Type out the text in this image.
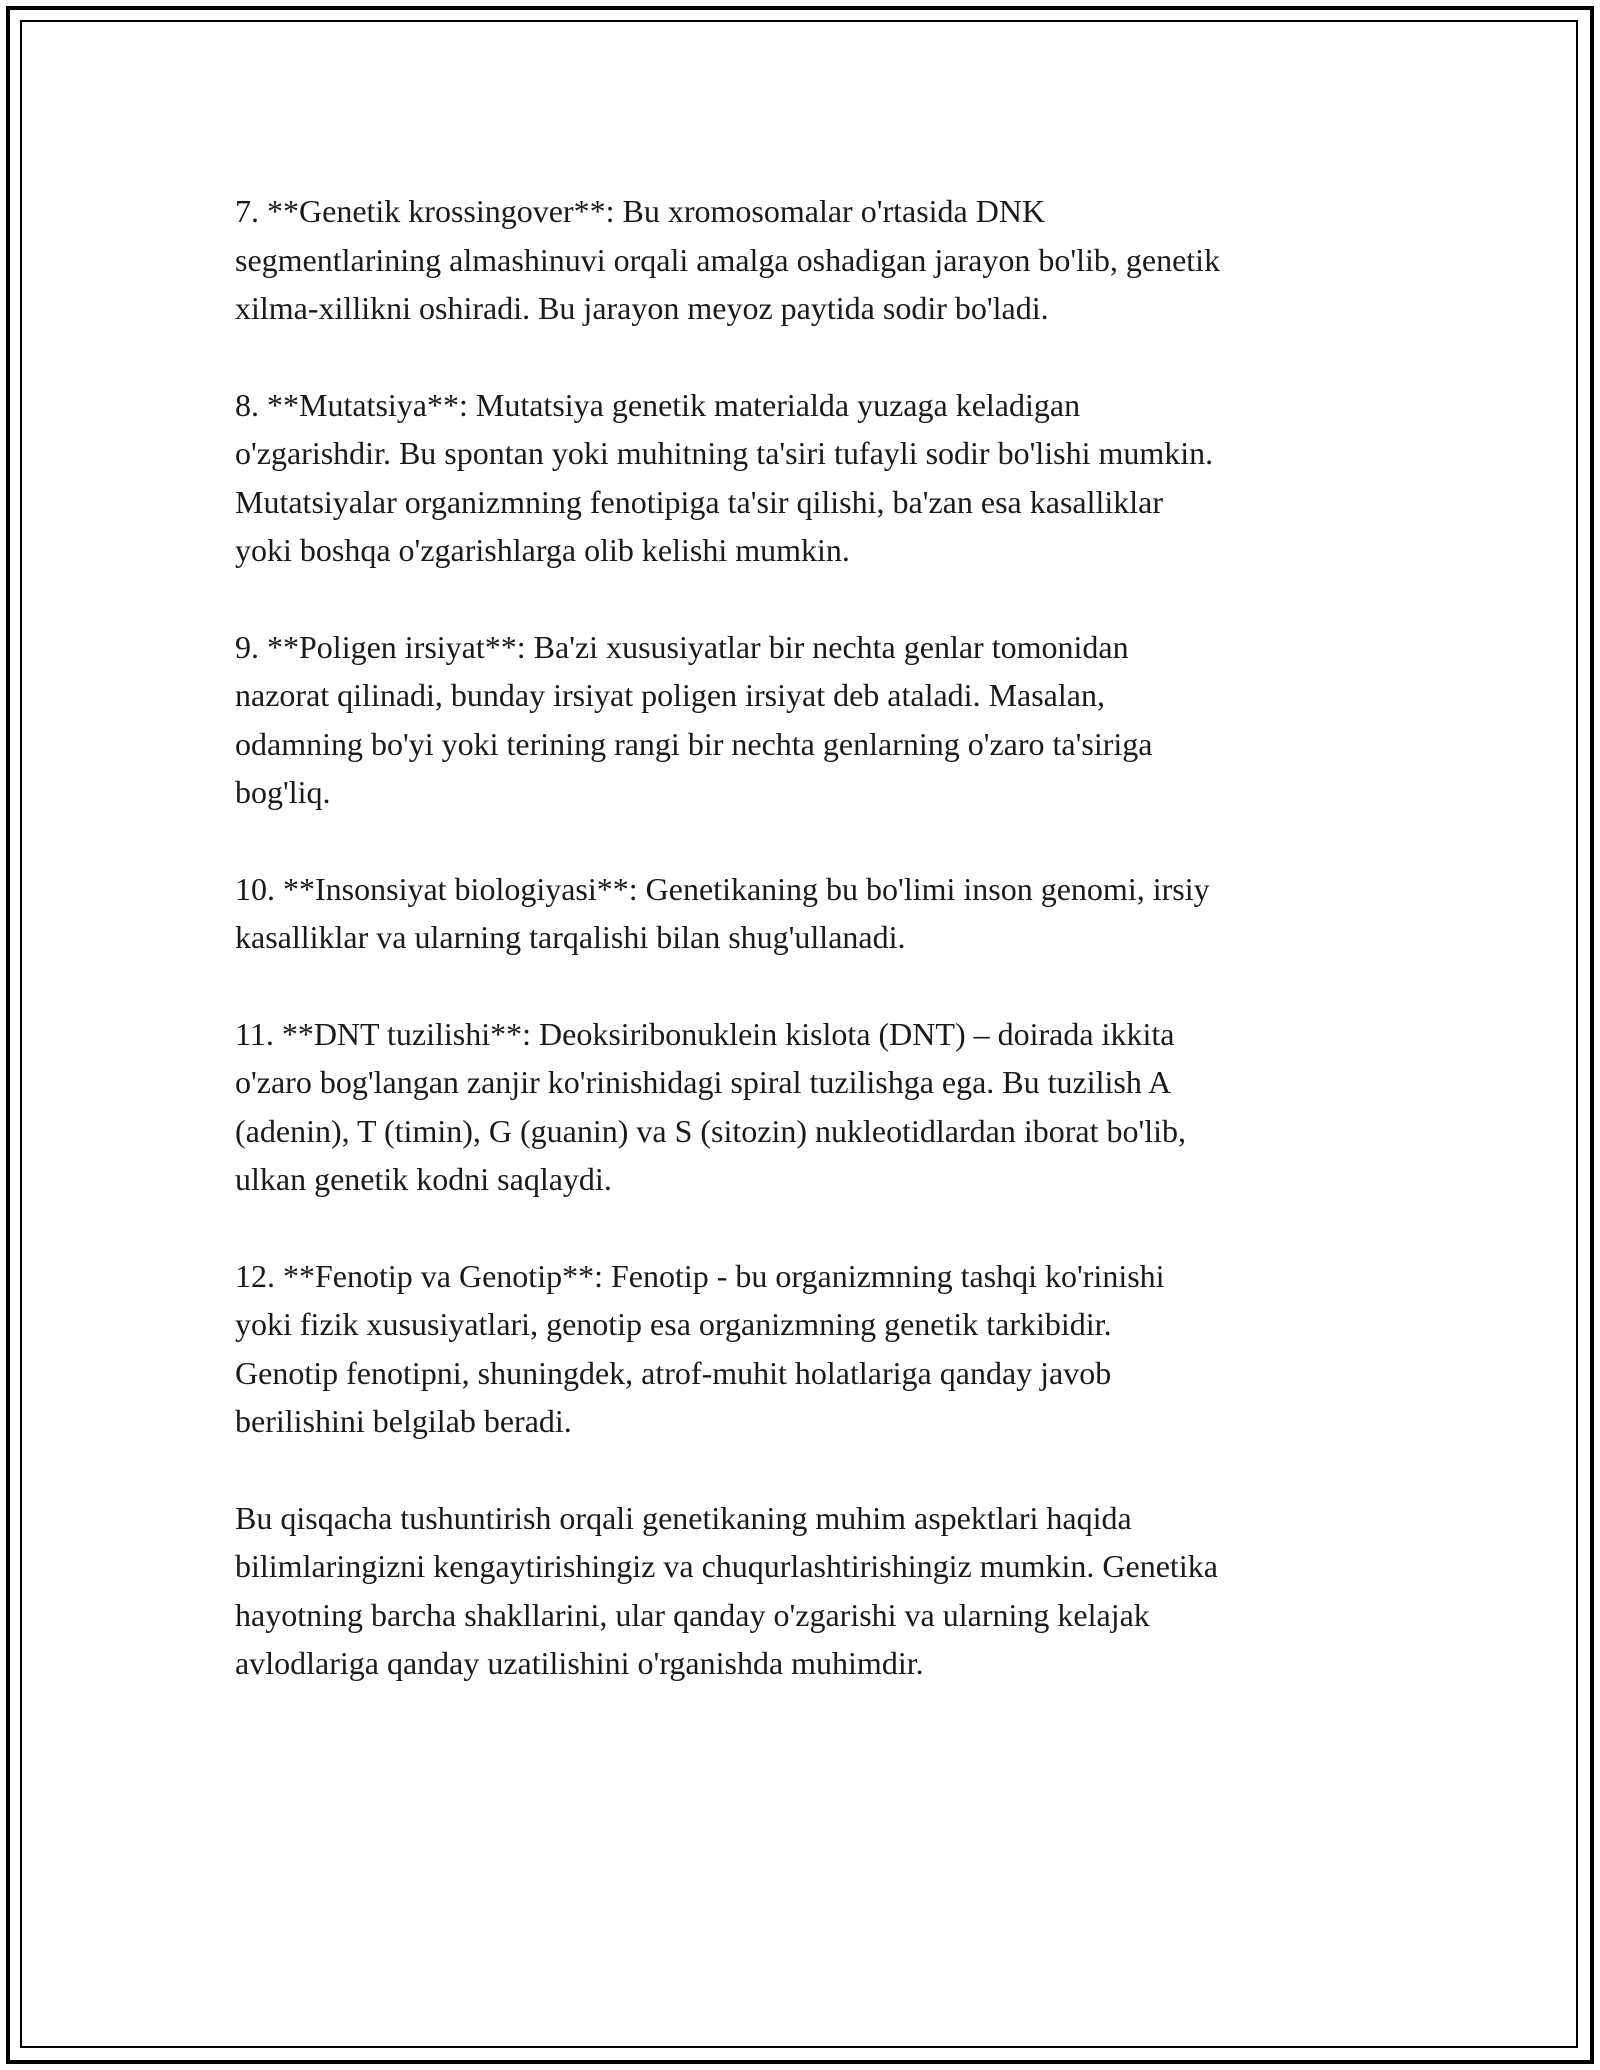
7. **Genetik krossingover**: Bu xromosomalar o'rtasida DNK
segmentlarining almashinuvi orqali amalga oshadigan jarayon bo'lib, genetik
xilma-xillikni oshiradi. Bu jarayon meyoz paytida sodir bo'ladi.

8. **Mutatsiya**: Mutatsiya genetik materialda yuzaga keladigan
o'zgarishdir. Bu spontan yoki muhitning ta'siri tufayli sodir bo'lishi mumkin.
Mutatsiyalar organizmning fenotipiga ta'sir qilishi, ba'zan esa kasalliklar
yoki boshqa o'zgarishlarga olib kelishi mumkin.

9. **Poligen irsiyat**: Ba'zi xususiyatlar bir nechta genlar tomonidan
nazorat qilinadi, bunday irsiyat poligen irsiyat deb ataladi. Masalan,
odamning bo'yi yoki terining rangi bir nechta genlarning o'zaro ta'siriga
bog'liq.

10. **Insonsiyat biologiyasi**: Genetikaning bu bo'limi inson genomi, irsiy
kasalliklar va ularning tarqalishi bilan shug'ullanadi.

11. **DNT tuzilishi**: Deoksiribonuklein kislota (DNT) – doirada ikkita
o'zaro bog'langan zanjir ko'rinishidagi spiral tuzilishga ega. Bu tuzilish A
(adenin), T (timin), G (guanin) va S (sitozin) nukleotidlardan iborat bo'lib,
ulkan genetik kodni saqlaydi.

12. **Fenotip va Genotip**: Fenotip - bu organizmning tashqi ko'rinishi
yoki fizik xususiyatlari, genotip esa organizmning genetik tarkibidir.
Genotip fenotipni, shuningdek, atrof-muhit holatlariga qanday javob
berilishini belgilab beradi.

Bu qisqacha tushuntirish orqali genetikaning muhim aspektlari haqida
bilimlaringizni kengaytirishingiz va chuqurlashtirishingiz mumkin. Genetika
hayotning barcha shakllarini, ular qanday o'zgarishi va ularning kelajak
avlodlariga qanday uzatilishini o'rganishda muhimdir.
